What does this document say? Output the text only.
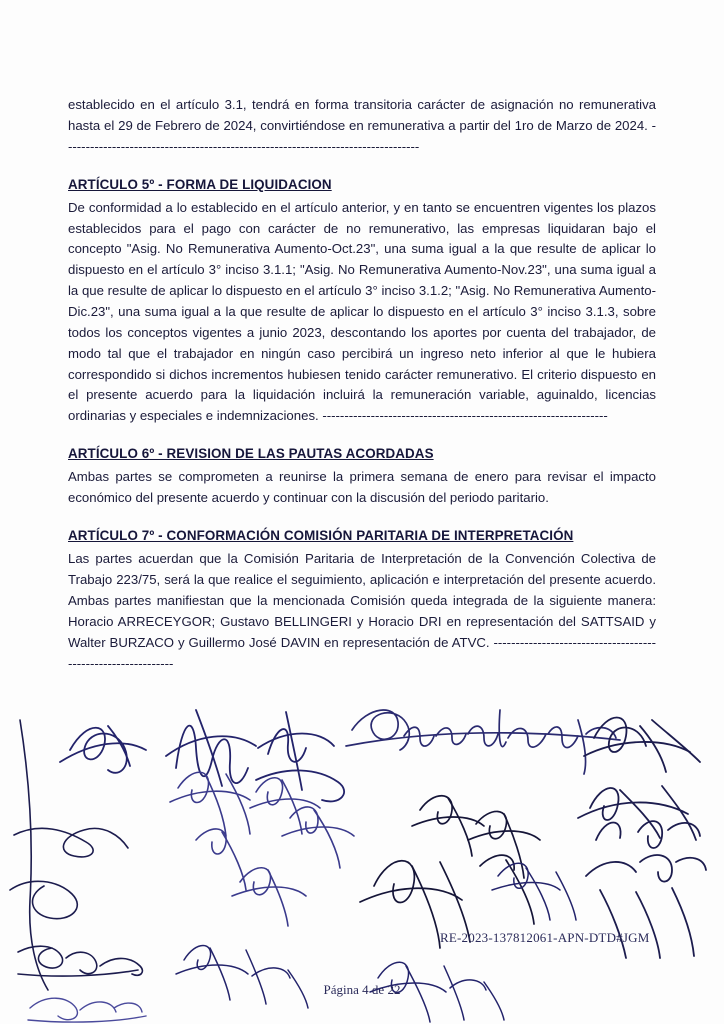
establecido en el artículo 3.1, tendrá en forma transitoria carácter de asignación no remunerativa hasta el 29 de Febrero de 2024, convirtiéndose en remunerativa a partir del 1ro de Marzo de 2024. ---------------------------------------------------------------------------------

ARTÍCULO 5º - FORMA DE LIQUIDACION

De conformidad a lo establecido en el artículo anterior, y en tanto se encuentren vigentes los plazos establecidos para el pago con carácter de no remunerativo, las empresas liquidaran bajo el concepto "Asig. No Remunerativa Aumento-Oct.23", una suma igual a la que resulte de aplicar lo dispuesto en el artículo 3° inciso 3.1.1; "Asig. No Remunerativa Aumento-Nov.23", una suma igual a la que resulte de aplicar lo dispuesto en el artículo 3° inciso 3.1.2; "Asig. No Remunerativa Aumento-Dic.23", una suma igual a la que resulte de aplicar lo dispuesto en el artículo 3° inciso 3.1.3, sobre todos los conceptos vigentes a junio 2023, descontando los aportes por cuenta del trabajador, de modo tal que el trabajador en ningún caso percibirá un ingreso neto inferior al que le hubiera correspondido si dichos incrementos hubiesen tenido carácter remunerativo. El criterio dispuesto en el presente acuerdo para la liquidación incluirá la remuneración variable, aguinaldo, licencias ordinarias y especiales e indemnizaciones. -----------------------------------------------------------------

ARTÍCULO 6º - REVISION DE LAS PAUTAS ACORDADAS

Ambas partes se comprometen a reunirse la primera semana de enero para revisar el impacto económico del presente acuerdo y continuar con la discusión del periodo paritario.

ARTÍCULO 7º - CONFORMACIÓN COMISIÓN PARITARIA DE INTERPRETACIÓN

Las partes acuerdan que la Comisión Paritaria de Interpretación de la Convención Colectiva de Trabajo 223/75, será la que realice el seguimiento, aplicación e interpretación del presente acuerdo. Ambas partes manifiestan que la mencionada Comisión queda integrada de la siguiente manera: Horacio ARRECEYGOR; Gustavo BELLINGERI y Horacio DRI en representación del SATTSAID y Walter BURZACO y Guillermo José DAVIN en representación de ATVC. -------------------------------------------------------------

RE-2023-137812061-APN-DTD#JGM
Página 4 de 22
